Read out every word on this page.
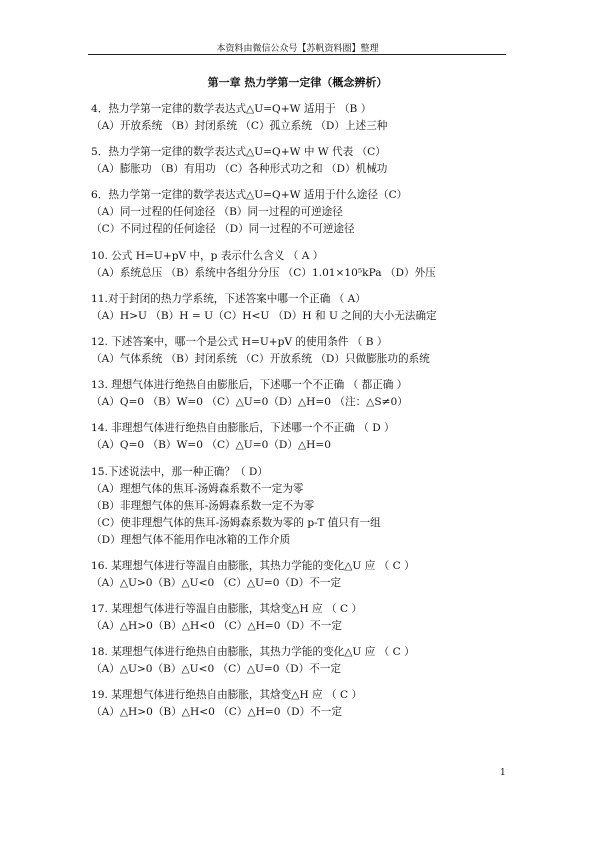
本资料由微信公众号【苏帆资料圈】整理
第一章 热力学第一定律（概念辨析）
4．热力学第一定律的数学表达式△U=Q+W 适用于 （B ）
（A）开放系统 （B）封闭系统 （C）孤立系统 （D）上述三种
5．热力学第一定律的数学表达式△U=Q+W 中 W 代表 （C）
（A）膨胀功 （B）有用功 （C）各种形式功之和 （D）机械功
6．热力学第一定律的数学表达式△U=Q+W 适用于什么途径（C）
（A）同一过程的任何途径 （B）同一过程的可逆途径
（C）不同过程的任何途径 （D）同一过程的不可逆途径
10. 公式 H=U+pV 中，p 表示什么含义 （ A ）
（A）系统总压 （B）系统中各组分分压 （C）1.01×10⁵kPa （D）外压
11.对于封闭的热力学系统，下述答案中哪一个正确 （ A）
（A）H>U （B）H = U（C）H<U （D）H 和 U 之间的大小无法确定
12. 下述答案中，哪一个是公式 H=U+pV 的使用条件 （ B ）
（A）气体系统 （B）封闭系统 （C）开放系统 （D）只做膨胀功的系统
13. 理想气体进行绝热自由膨胀后，下述哪一个不正确 （ 都正确 ）
（A）Q=0 （B）W=0 （C）△U=0（D）△H=0 （注：△S≠0）
14. 非理想气体进行绝热自由膨胀后，下述哪一个不正确 （ D ）
（A）Q=0 （B）W=0 （C）△U=0（D）△H=0
15.下述说法中，那一种正确？（ D）
（A）理想气体的焦耳-汤姆森系数不一定为零
（B）非理想气体的焦耳-汤姆森系数一定不为零
（C）使非理想气体的焦耳-汤姆森系数为零的 p-T 值只有一组
（D）理想气体不能用作电冰箱的工作介质
16. 某理想气体进行等温自由膨胀，其热力学能的变化△U 应 （ C ）
（A）△U>0（B）△U<0 （C）△U=0（D）不一定
17. 某理想气体进行等温自由膨胀，其焓变△H 应 （ C ）
（A）△H>0（B）△H<0 （C）△H=0（D）不一定
18. 某理想气体进行绝热自由膨胀，其热力学能的变化△U 应 （ C ）
（A）△U>0（B）△U<0 （C）△U=0（D）不一定
19. 某理想气体进行绝热自由膨胀，其焓变△H 应 （ C ）
（A）△H>0（B）△H<0 （C）△H=0（D）不一定
1
